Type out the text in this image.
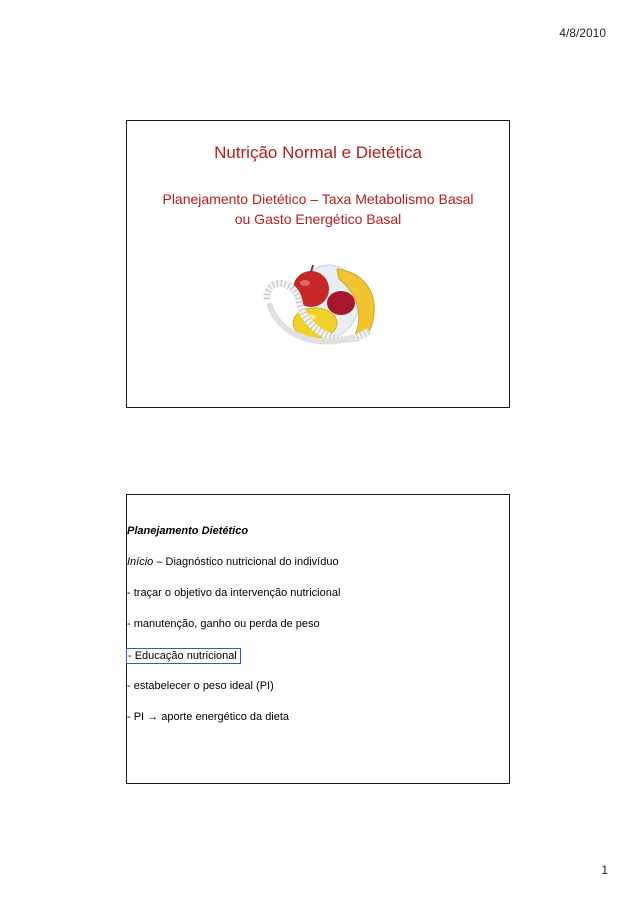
4/8/2010
Nutrição Normal e Dietética
Planejamento Dietético – Taxa Metabolismo Basal
ou Gasto Energético Basal
Planejamento Dietético
Início – Diagnóstico nutricional do indivíduo
- traçar o objetivo da intervenção nutricional
- manutenção, ganho ou perda de peso
- Educação nutricional
- estabelecer o peso ideal (PI)
- PI → aporte energético da dieta
1
